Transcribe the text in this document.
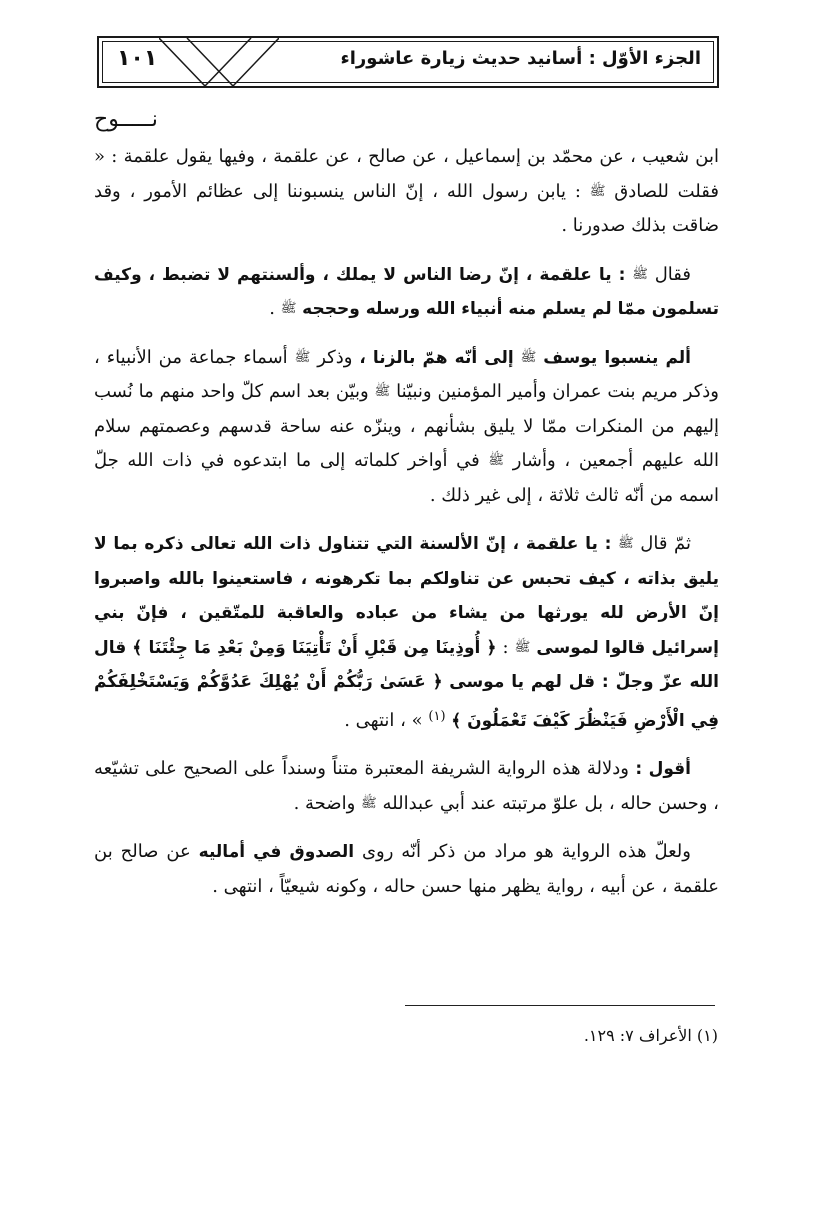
الجزء الأوّل : أسانيد حديث زيارة عاشوراء
١٠١
نـــــوح

ابن شعيب ، عن محمّد بن إسماعيل ، عن صالح ، عن علقمة ، وفيها يقول علقمة : « فقلت للصادق ﷺ : يابن رسول الله ، إنّ الناس ينسبوننا إلى عظائم الأمور ، وقد ضاقت بذلك صدورنا .

فقال ﷺ : يا علقمة ، إنّ رضا الناس لا يملك ، وألسنتهم لا تضبط ، وكيف تسلمون ممّا لم يسلم منه أنبياء الله ورسله وحججه ﷺ .

ألم ينسبوا يوسف ﷺ إلى أنّه همّ بالزنا ، وذكر ﷺ أسماء جماعة من الأنبياء ، وذكر مريم بنت عمران وأمير المؤمنين ونبيّنا ﷺ وبيّن بعد اسم كلّ واحد منهم ما نُسب إليهم من المنكرات ممّا لا يليق بشأنهم ، وينزّه عنه ساحة قدسهم وعصمتهم سلام الله عليهم أجمعين ، وأشار ﷺ في أواخر كلماته إلى ما ابتدعوه في ذات الله جلّ اسمه من أنّه ثالث ثلاثة ، إلى غير ذلك .

ثمّ قال ﷺ : يا علقمة ، إنّ الألسنة التي تتناول ذات الله تعالى ذكره بما لا يليق بذاته ، كيف تحبس عن تناولكم بما تكرهونه ، فاستعينوا بالله واصبروا إنّ الأرض لله يورثها من يشاء من عباده والعاقبة للمتّقين ، فإنّ بني إسرائيل قالوا لموسى ﷺ : ﴿ أُوذِينَا مِن قَبْلِ أَنْ تَأْتِيَنَا وَمِنْ بَعْدِ مَا جِئْتَنَا ﴾ قال الله عزّ وجلّ : قل لهم يا موسى ﴿ عَسَىٰ رَبُّكُمْ أَنْ يُهْلِكَ عَدُوَّكُمْ وَيَسْتَخْلِفَكُمْ فِي الْأَرْضِ فَيَنْظُرَ كَيْفَ تَعْمَلُونَ ﴾ $^{(١)}$ » ، انتهى .

أقول : ودلالة هذه الرواية الشريفة المعتبرة متناً وسنداً على الصحيح على تشيّعه ، وحسن حاله ، بل علوّ مرتبته عند أبي عبدالله ﷺ واضحة .

ولعلّ هذه الرواية هو مراد من ذكر أنّه روى الصدوق في أماليه عن صالح بن علقمة ، عن أبيه ، رواية يظهر منها حسن حاله ، وكونه شيعيّاً ، انتهى .

(١) الأعراف ٧: ١٢٩.
